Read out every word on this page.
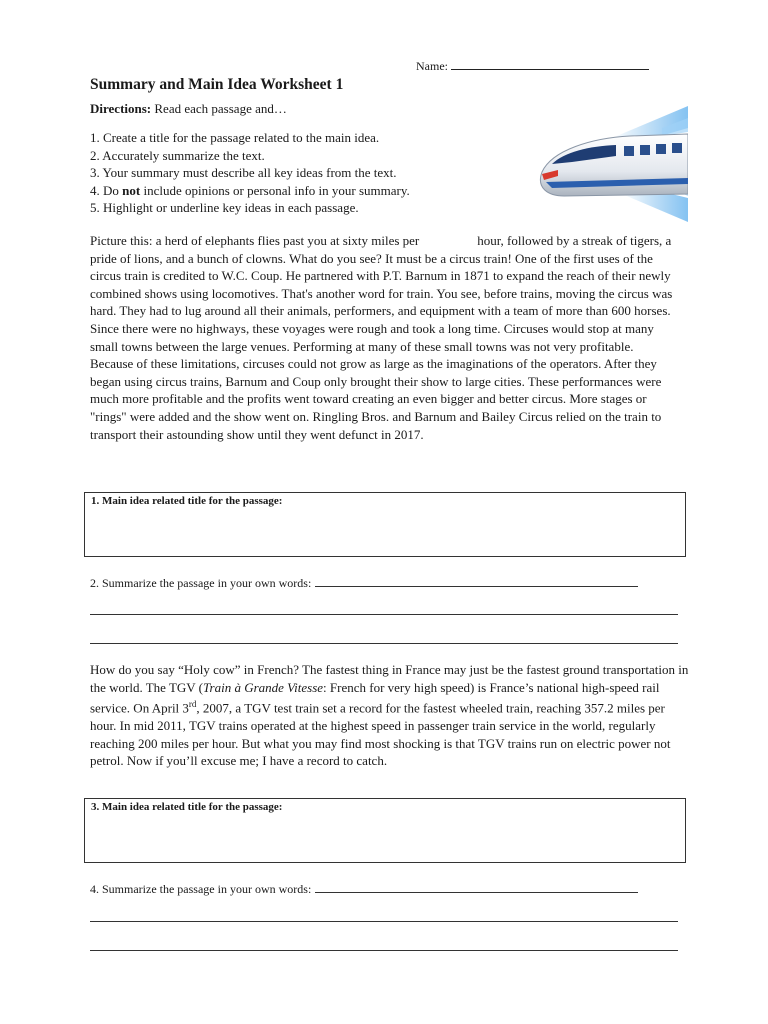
Name:
Summary and Main Idea Worksheet 1
Directions: Read each passage and…
1. Create a title for the passage related to the main idea.
2. Accurately summarize the text.
3. Your summary must describe all key ideas from the text.
4. Do not include opinions or personal info in your summary.
5. Highlight or underline key ideas in each passage.

Picture this: a herd of elephants flies past you at sixty miles per	hour, followed by a streak of tigers, a pride of lions, and a bunch of clowns. What do you see? It must be a circus train! One of the first uses of the circus train is credited to W.C. Coup. He partnered with P.T. Barnum in 1871 to expand the reach of their newly combined shows using locomotives. That's another word for train. You see, before trains, moving the circus was hard. They had to lug around all their animals, performers, and equipment with a team of more than 600 horses. Since there were no highways, these voyages were rough and took a long time. Circuses would stop at many small towns between the large venues. Performing at many of these small towns was not very profitable. Because of these limitations, circuses could not grow as large as the imaginations of the operators. After they began using circus trains, Barnum and Coup only brought their show to large cities. These performances were much more profitable and the profits went toward creating an even bigger and better circus. More stages or "rings" were added and the show went on. Ringling Bros. and Barnum and Bailey Circus relied on the train to transport their astounding show until they went defunct in 2017.

1. Main idea related title for the passage:
2. Summarize the passage in your own words:

How do you say “Holy cow” in French? The fastest thing in France may just be the fastest ground transportation in the world. The TGV (Train à Grande Vitesse: French for very high speed) is France’s national high-speed rail service. On April 3rd, 2007, a TGV test train set a record for the fastest wheeled train, reaching 357.2 miles per hour. In mid 2011, TGV trains operated at the highest speed in passenger train service in the world, regularly reaching 200 miles per hour. But what you may find most shocking is that TGV trains run on electric power not petrol. Now if you’ll excuse me; I have a record to catch.

3. Main idea related title for the passage:
4. Summarize the passage in your own words:
